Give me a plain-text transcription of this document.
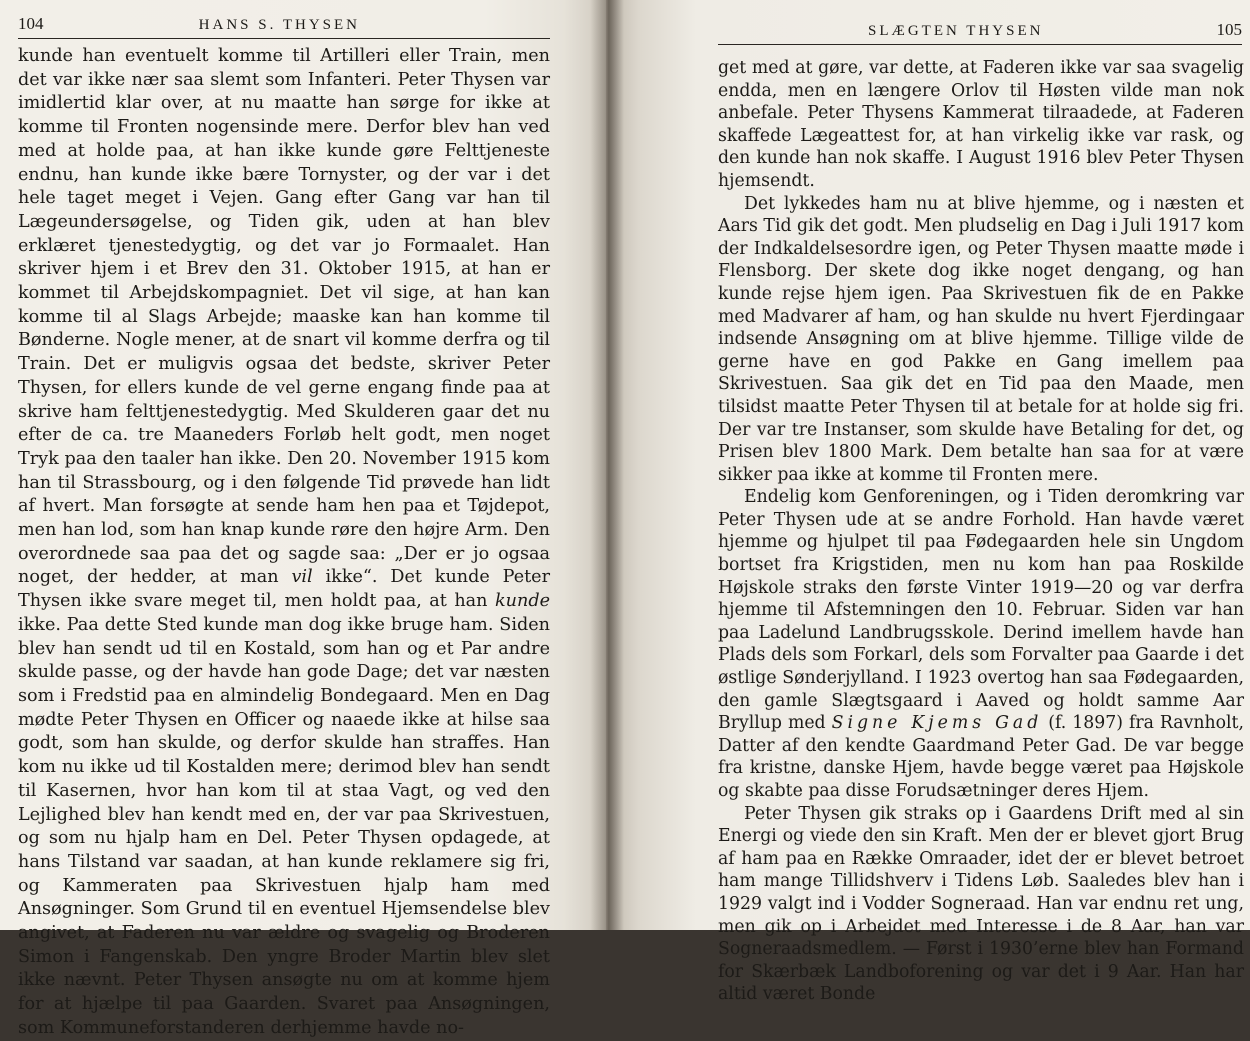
104	HANS S. THYSEN

kunde han eventuelt komme til Artilleri eller Train, men det var ikke nær saa slemt som Infanteri. Peter Thysen var imidlertid klar over, at nu maatte han sørge for ikke at komme til Fronten nogensinde mere. Derfor blev han ved med at holde paa, at han ikke kunde gøre Felttjeneste endnu, han kunde ikke bære Tornyster, og der var i det hele taget meget i Vejen. Gang efter Gang var han til Lægeundersøgelse, og Tiden gik, uden at han blev erklæret tjenestedygtig, og det var jo Formaalet. Han skriver hjem i et Brev den 31. Oktober 1915, at han er kommet til Arbejdskompagniet. Det vil sige, at han kan komme til al Slags Arbejde; maaske kan han komme til Bønderne. Nogle mener, at de snart vil komme derfra og til Train. Det er muligvis ogsaa det bedste, skriver Peter Thysen, for ellers kunde de vel gerne engang finde paa at skrive ham felttjenestedygtig. Med Skulderen gaar det nu efter de ca. tre Maaneders Forløb helt godt, men noget Tryk paa den taaler han ikke. Den 20. November 1915 kom han til Strassbourg, og i den følgende Tid prøvede han lidt af hvert. Man forsøgte at sende ham hen paa et Tøjdepot, men han lod, som han knap kunde røre den højre Arm. Den overordnede saa paa det og sagde saa: „Der er jo ogsaa noget, der hedder, at man vil ikke“. Det kunde Peter Thysen ikke svare meget til, men holdt paa, at han kunde ikke. Paa dette Sted kunde man dog ikke bruge ham. Siden blev han sendt ud til en Kostald, som han og et Par andre skulde passe, og der havde han gode Dage; det var næsten som i Fredstid paa en almindelig Bondegaard. Men en Dag mødte Peter Thysen en Officer og naaede ikke at hilse saa godt, som han skulde, og derfor skulde han straffes. Han kom nu ikke ud til Kostalden mere; derimod blev han sendt til Kasernen, hvor han kom til at staa Vagt, og ved den Lejlighed blev han kendt med en, der var paa Skrivestuen, og som nu hjalp ham en Del. Peter Thysen opdagede, at hans Tilstand var saadan, at han kunde reklamere sig fri, og Kammeraten paa Skrivestuen hjalp ham med Ansøgninger. Som Grund til en eventuel Hjemsendelse blev angivet, at Faderen nu var ældre og svagelig og Broderen Simon i Fangenskab. Den yngre Broder Martin blev slet ikke nævnt. Peter Thysen ansøgte nu om at komme hjem for at hjælpe til paa Gaarden. Svaret paa Ansøgningen, som Kommuneforstanderen derhjemme havde no-

SLÆGTEN THYSEN	105

get med at gøre, var dette, at Faderen ikke var saa svagelig endda, men en længere Orlov til Høsten vilde man nok anbefale. Peter Thysens Kammerat tilraadede, at Faderen skaffede Lægeattest for, at han virkelig ikke var rask, og den kunde han nok skaffe. I August 1916 blev Peter Thysen hjemsendt.

Det lykkedes ham nu at blive hjemme, og i næsten et Aars Tid gik det godt. Men pludselig en Dag i Juli 1917 kom der Indkaldelsesordre igen, og Peter Thysen maatte møde i Flensborg. Der skete dog ikke noget dengang, og han kunde rejse hjem igen. Paa Skrivestuen fik de en Pakke med Madvarer af ham, og han skulde nu hvert Fjerdingaar indsende Ansøgning om at blive hjemme. Tillige vilde de gerne have en god Pakke en Gang imellem paa Skrivestuen. Saa gik det en Tid paa den Maade, men tilsidst maatte Peter Thysen til at betale for at holde sig fri. Der var tre Instanser, som skulde have Betaling for det, og Prisen blev 1800 Mark. Dem betalte han saa for at være sikker paa ikke at komme til Fronten mere.

Endelig kom Genforeningen, og i Tiden deromkring var Peter Thysen ude at se andre Forhold. Han havde været hjemme og hjulpet til paa Fødegaarden hele sin Ungdom bortset fra Krigstiden, men nu kom han paa Roskilde Højskole straks den første Vinter 1919—20 og var derfra hjemme til Afstemningen den 10. Februar. Siden var han paa Ladelund Landbrugsskole. Derind imellem havde han Plads dels som Forkarl, dels som Forvalter paa Gaarde i det østlige Sønderjylland. I 1923 overtog han saa Fødegaarden, den gamle Slægtsgaard i Aaved og holdt samme Aar Bryllup med Signe Kjems Gad (f. 1897) fra Ravnholt, Datter af den kendte Gaardmand Peter Gad. De var begge fra kristne, danske Hjem, havde begge været paa Højskole og skabte paa disse Forudsætninger deres Hjem.

Peter Thysen gik straks op i Gaardens Drift med al sin Energi og viede den sin Kraft. Men der er blevet gjort Brug af ham paa en Række Omraader, idet der er blevet betroet ham mange Tillidshverv i Tidens Løb. Saaledes blev han i 1929 valgt ind i Vodder Sogneraad. Han var endnu ret ung, men gik op i Arbejdet med Interesse i de 8 Aar, han var Sogneraadsmedlem. — Først i 1930’erne blev han Formand for Skærbæk Landboforening og var det i 9 Aar. Han har altid været Bonde
